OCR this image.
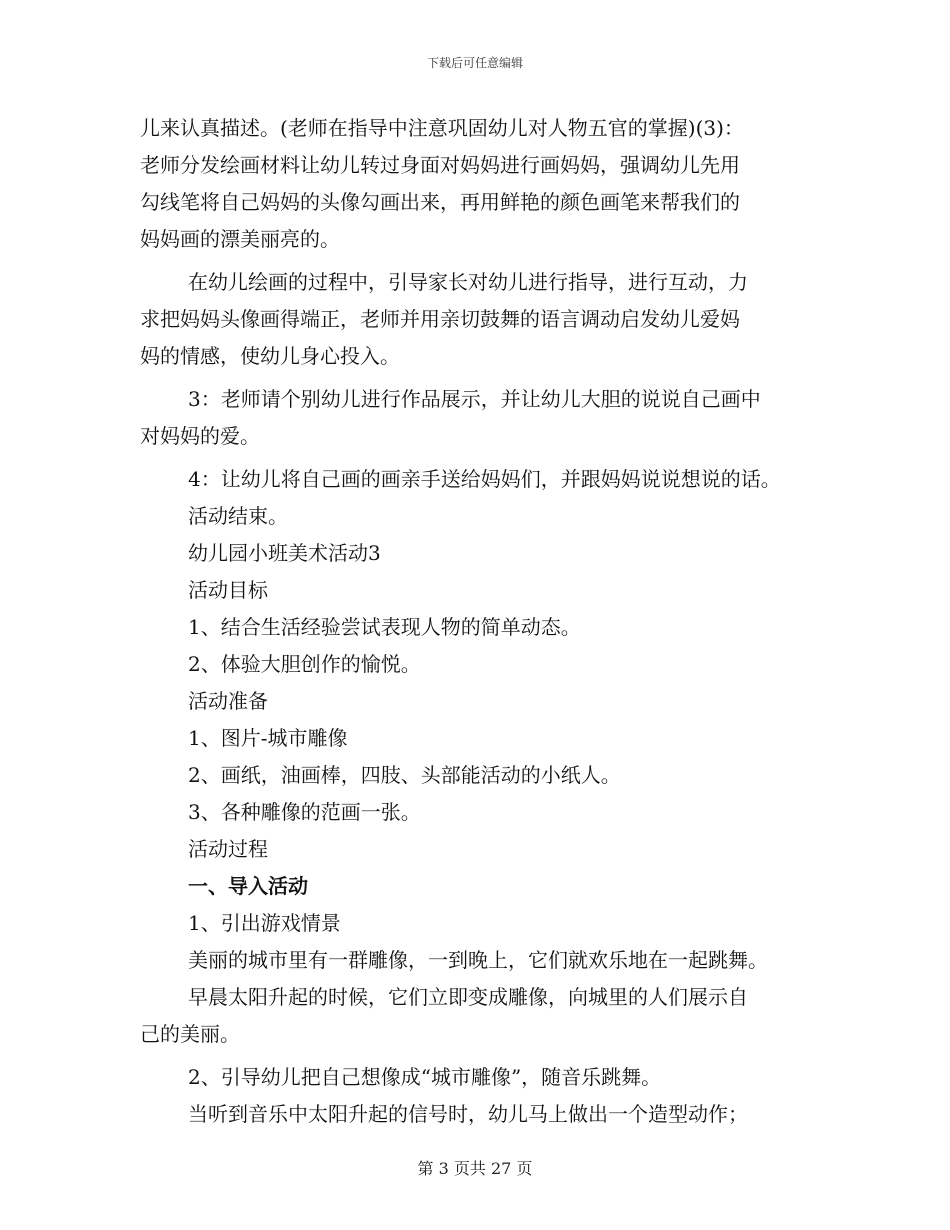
下载后可任意编辑
儿来认真描述。(老师在指导中注意巩固幼儿对人物五官的掌握)(3)：
老师分发绘画材料让幼儿转过身面对妈妈进行画妈妈，强调幼儿先用
勾线笔将自己妈妈的头像勾画出来，再用鲜艳的颜色画笔来帮我们的
妈妈画的漂美丽亮的。
在幼儿绘画的过程中，引导家长对幼儿进行指导，进行互动，力
求把妈妈头像画得端正，老师并用亲切鼓舞的语言调动启发幼儿爱妈
妈的情感，使幼儿身心投入。
3：老师请个别幼儿进行作品展示，并让幼儿大胆的说说自己画中
对妈妈的爱。
4：让幼儿将自己画的画亲手送给妈妈们，并跟妈妈说说想说的话。
活动结束。
幼儿园小班美术活动3
活动目标
1、结合生活经验尝试表现人物的简单动态。
2、体验大胆创作的愉悦。
活动准备
1、图片-城市雕像
2、画纸，油画棒，四肢、头部能活动的小纸人。
3、各种雕像的范画一张。
活动过程
一、导入活动
1、引出游戏情景
美丽的城市里有一群雕像，一到晚上，它们就欢乐地在一起跳舞。
早晨太阳升起的时候，它们立即变成雕像，向城里的人们展示自
己的美丽。
2、引导幼儿把自己想像成“城市雕像”，随音乐跳舞。
当听到音乐中太阳升起的信号时，幼儿马上做出一个造型动作；
第 3 页共 27 页
